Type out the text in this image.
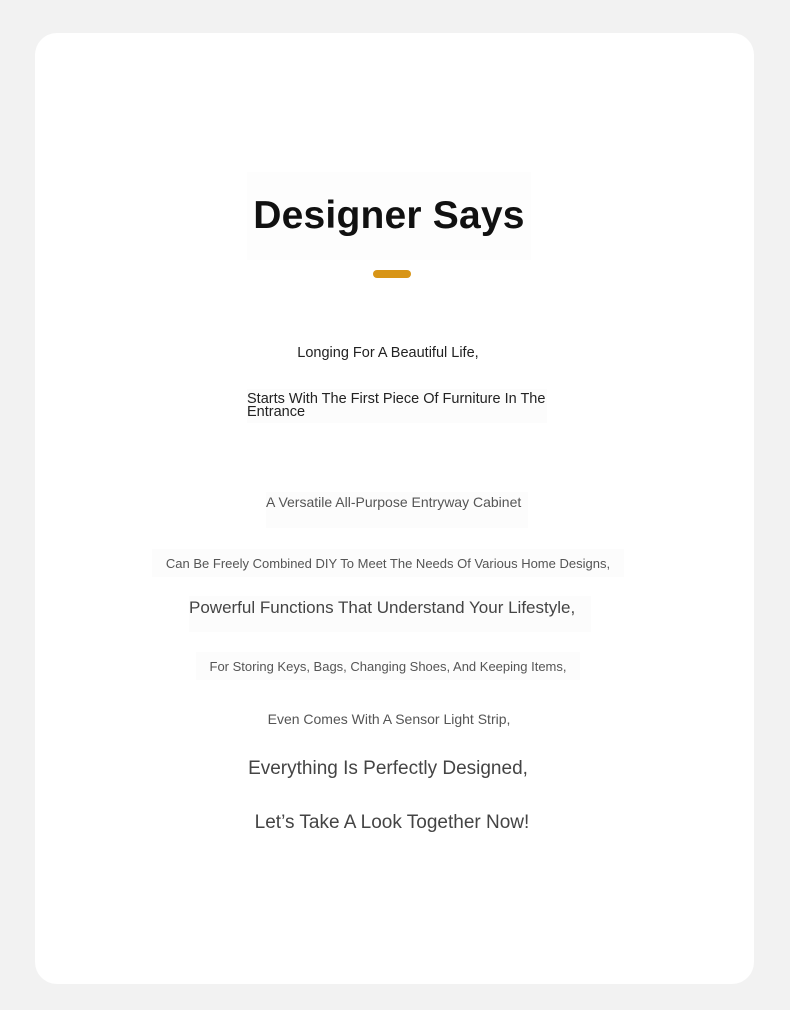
Designer Says
Longing For A Beautiful Life,
Starts With The First Piece Of Furniture In The Entrance
A Versatile All-Purpose Entryway Cabinet
Can Be Freely Combined DIY To Meet The Needs Of Various Home Designs,
Powerful Functions That Understand Your Lifestyle,
For Storing Keys, Bags, Changing Shoes, And Keeping Items,
Even Comes With A Sensor Light Strip,
Everything Is Perfectly Designed,
Let’s Take A Look Together Now!
